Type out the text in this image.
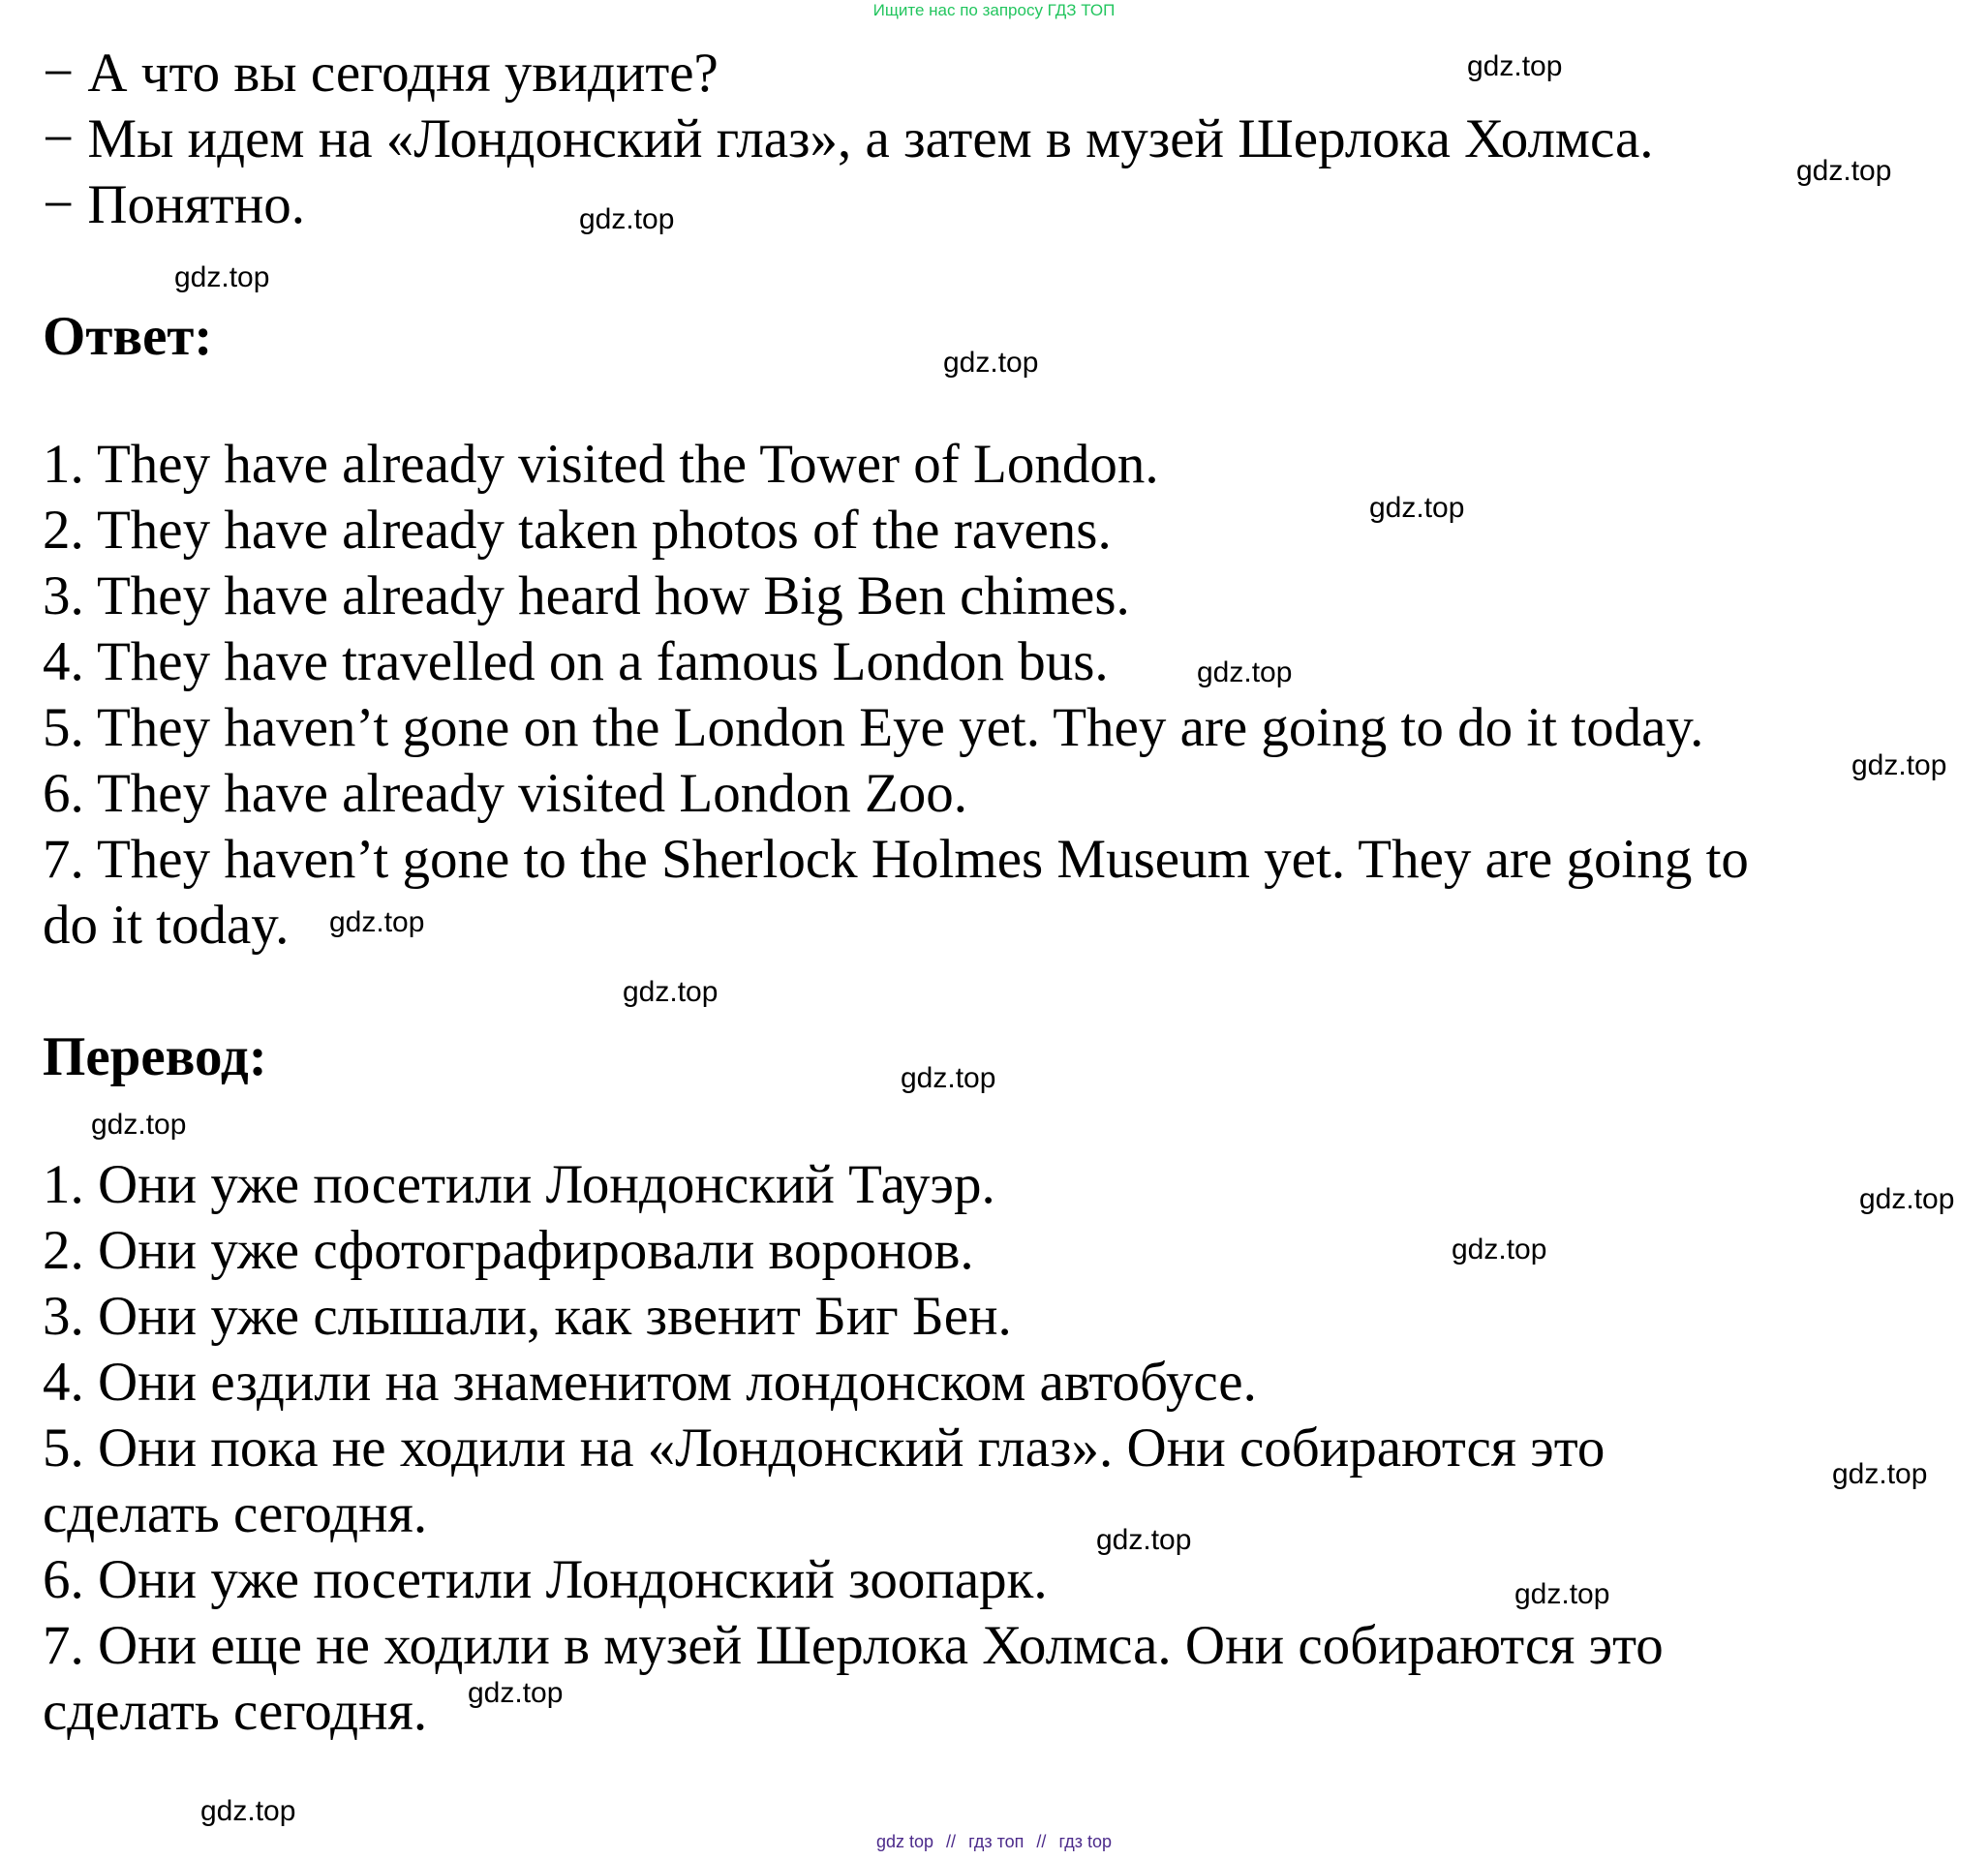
Ищите нас по запросу ГДЗ ТОП
− А что вы сегодня увидите?
− Мы идем на «Лондонский глаз», а затем в музей Шерлока Холмса.
− Понятно.
Ответ:
1. They have already visited the Tower of London.
2. They have already taken photos of the ravens.
3. They have already heard how Big Ben chimes.
4. They have travelled on a famous London bus.
5. They haven’t gone on the London Eye yet. They are going to do it today.
6. They have already visited London Zoo.
7. They haven’t gone to the Sherlock Holmes Museum yet. They are going to
do it today.
Перевод:
1. Они уже посетили Лондонский Тауэр.
2. Они уже сфотографировали воронов.
3. Они уже слышали, как звенит Биг Бен.
4. Они ездили на знаменитом лондонском автобусе.
5. Они пока не ходили на «Лондонский глаз». Они собираются это
сделать сегодня.
6. Они уже посетили Лондонский зоопарк.
7. Они еще не ходили в музей Шерлока Холмса. Они собираются это
сделать сегодня.
gdz.top
gdz.top
gdz.top
gdz.top
gdz.top
gdz.top
gdz.top
gdz.top
gdz.top
gdz.top
gdz.top
gdz.top
gdz.top
gdz.top
gdz.top
gdz.top
gdz.top
gdz.top
gdz.top
gdz top // гдз топ // гдз top
